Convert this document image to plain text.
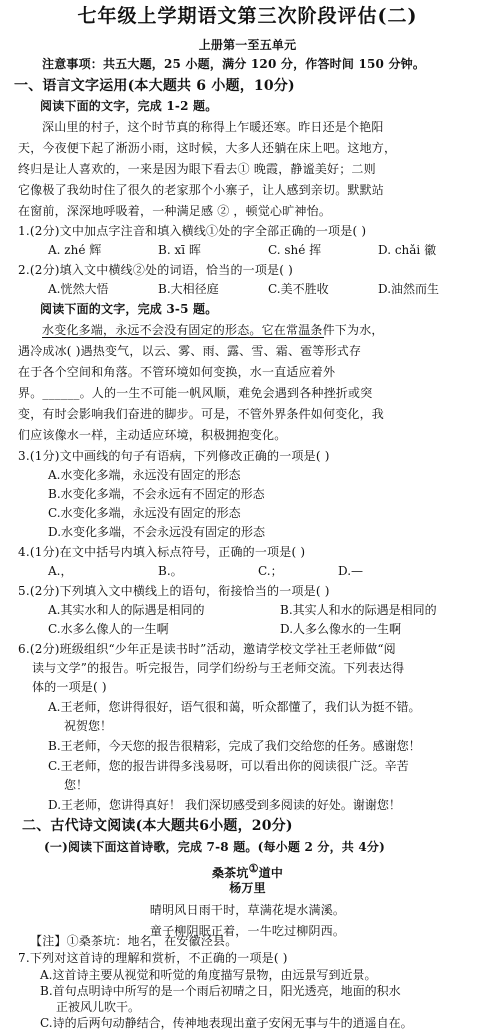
七年级上学期语文第三次阶段评估(二)
上册第一至五单元
注意事项：共五大题，25 小题，满分 120 分，作答时间 150 分钟。
一、语言文字运用(本大题共 6 小题，10分)
阅读下面的文字，完成 1-2 题。
深山里的村子，这个时节真的称得上乍暖还寒。昨日还是个艳阳
天，今夜便下起了淅沥小雨，这时候，大多人还躺在床上吧。这地方，
终归是让人喜欢的，一来是因为眼下看去① 晚霞，静谧美好；二则
它像极了我幼时住了很久的老家那个小寨子，让人感到亲切。默默站
在窗前，深深地呼吸着，一种满足感 ② ，顿觉心旷神怡。
1.(2分)文中加点字注音和填入横线①处的字全部正确的一项是( )
A. zhé 辉	B. xī 晖	C. shé 挥	D. chǎi 徽
2.(2分)填入文中横线②处的词语，恰当的一项是( )
A.恍然大悟	B.大相径庭	C.美不胜收	D.油然而生
阅读下面的文字，完成 3-5 题。
水变化多端，永远不会没有固定的形态。它在常温条件下为水，
遇冷成冰( )遇热变气，以云、雾、雨、露、雪、霜、雹等形式存
在于各个空间和角落。不管环境如何变换，水一直适应着外
界。______。人的一生不可能一帆风顺，难免会遇到各种挫折或突
变，有时会影响我们奋进的脚步。可是，不管外界条件如何变化，我
们应该像水一样，主动适应环境，积极拥抱变化。
3.(1分)文中画线的句子有语病，下列修改正确的一项是( )
A.水变化多端，永远没有固定的形态
B.水变化多端，不会永远有不固定的形态
C.水变化多端，永远没有固定的形态
D.水变化多端，不会永远没有固定的形态
4.(1分)在文中括号内填入标点符号，正确的一项是( )
A.，	B.。	C.；	D.—
5.(2分)下列填入文中横线上的语句，衔接恰当的一项是( )
A.其实水和人的际遇是相同的	B.其实人和水的际遇是相同的
C.水多么像人的一生啊	D.人多么像水的一生啊
6.(2分)班级组织“少年正是读书时”活动，邀请学校文学社王老师做“阅
读与文学”的报告。听完报告，同学们纷纷与王老师交流。下列表达得
体的一项是( )
A.王老师，您讲得很好，语气很和蔼，听众都懂了，我们认为挺不错。
祝贺您！
B.王老师，今天您的报告很精彩，完成了我们交给您的任务。感谢您！
C.王老师，您的报告讲得多浅易呀，可以看出你的阅读很广泛。辛苦
您！
D.王老师，您讲得真好！ 我们深切感受到多阅读的好处。谢谢您！
二、古代诗文阅读(本大题共6小题，20分)
(一)阅读下面这首诗歌，完成 7-8 题。(每小题 2 分，共 4分)
桑茶坑①道中
杨万里
晴明风日雨干时，草满花堤水满溪。
童子柳阴眠正着，一牛吃过柳阴西。
【注】①桑茶坑：地名，在安徽泾县。
7.下列对这首诗的理解和赏析，不正确的一项是( )
A.这首诗主要从视觉和听觉的角度描写景物，由远景写到近景。
B.首句点明诗中所写的是一个雨后初晴之日，阳光透亮，地面的积水
正被风儿吹干。
C.诗的后两句动静结合，传神地表现出童子安闲无事与牛的逍遥自在。
